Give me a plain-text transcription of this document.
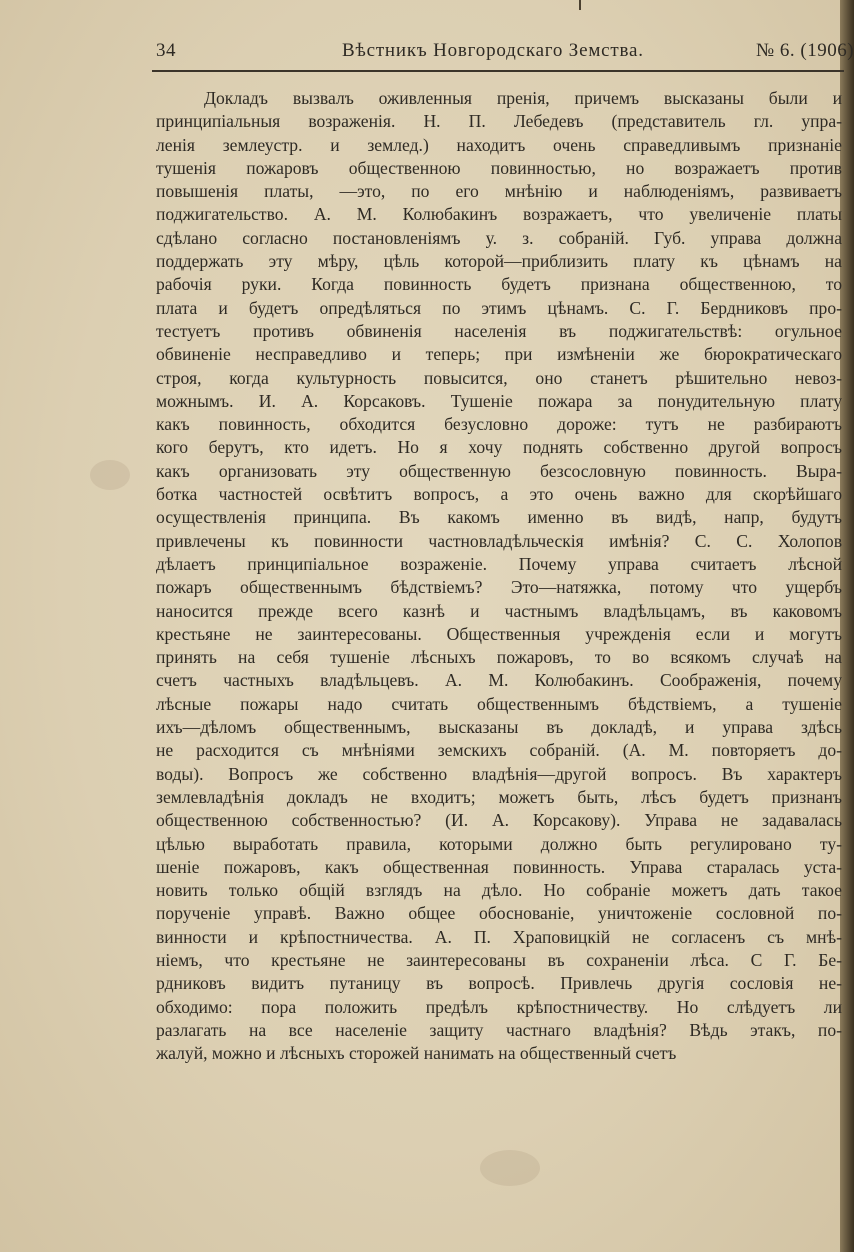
34	Вѣстникъ Новгородскаго Земства.	№ 6. (1906)
Докладъ вызвалъ оживленныя пренія, причемъ высказаны были и
принципіальныя возраженія. Н. П. Лебедевъ (представитель гл. упра-
ленія землеустр. и землед.) находитъ очень справедливымъ признаніе
тушенія пожаровъ общественною повинностью, но возражаетъ против
повышенія платы, —это, по его мнѣнію и наблюденіямъ, развиваетъ
поджигательство. А. М. Колюбакинъ возражаетъ, что увеличеніе платы
сдѣлано согласно постановленіямъ у. з. собраній. Губ. управа должна
поддержать эту мѣру, цѣль которой—приблизить плату къ цѣнамъ на
рабочія руки. Когда повинность будетъ признана общественною, то
плата и будетъ опредѣляться по этимъ цѣнамъ. С. Г. Бердниковъ про-
тестуетъ противъ обвиненія населенія въ поджигательствѣ: огульное
обвиненіе несправедливо и теперь; при измѣненіи же бюрократическаго
строя, когда культурность повысится, оно станетъ рѣшительно невоз-
можнымъ. И. А. Корсаковъ. Тушеніе пожара за понудительную плату
какъ повинность, обходится безусловно дороже: тутъ не разбираютъ
кого берутъ, кто идетъ. Но я хочу поднять собственно другой вопросъ
какъ организовать эту общественную безсословную повинность. Выра-
ботка частностей освѣтитъ вопросъ, а это очень важно для скорѣйшаго
осуществленія принципа. Въ какомъ именно въ видѣ, напр, будутъ
привлечены къ повинности частновладѣльческія имѣнія? С. С. Холопов
дѣлаетъ принципіальное возраженіе. Почему управа считаетъ лѣсной
пожаръ общественнымъ бѣдствіемъ? Это—натяжка, потому что ущербъ
наносится прежде всего казнѣ и частнымъ владѣльцамъ, въ каковомъ
крестьяне не заинтересованы. Общественныя учрежденія если и могутъ
принять на себя тушеніе лѣсныхъ пожаровъ, то во всякомъ случаѣ на
счетъ частныхъ владѣльцевъ. А. М. Колюбакинъ. Соображенія, почему
лѣсные пожары надо считать общественнымъ бѣдствіемъ, а тушеніе
ихъ—дѣломъ общественнымъ, высказаны въ докладѣ, и управа здѣсь
не расходится съ мнѣніями земскихъ собраній. (А. М. повторяетъ до-
воды). Вопросъ же собственно владѣнія—другой вопросъ. Въ характеръ
землевладѣнія докладъ не входитъ; можетъ быть, лѣсъ будетъ признанъ
общественною собственностью? (И. А. Корсакову). Управа не задавалась
цѣлью выработать правила, которыми должно быть регулировано ту-
шеніе пожаровъ, какъ общественная повинность. Управа старалась уста-
новить только общій взглядъ на дѣло. Но собраніе можетъ дать такое
порученіе управѣ. Важно общее обоснованіе, уничтоженіе сословной по-
винности и крѣпостничества. А. П. Храповицкій не согласенъ съ мнѣ-
ніемъ, что крестьяне не заинтересованы въ сохраненіи лѣса. С Г. Бе-
рдниковъ видитъ путаницу въ вопросѣ. Привлечь другія сословія не-
обходимо: пора положить предѣлъ крѣпостничеству. Но слѣдуетъ ли
разлагать на все населеніе защиту частнаго владѣнія? Вѣдь этакъ, по-
жалуй, можно и лѣсныхъ сторожей нанимать на общественный счетъ
